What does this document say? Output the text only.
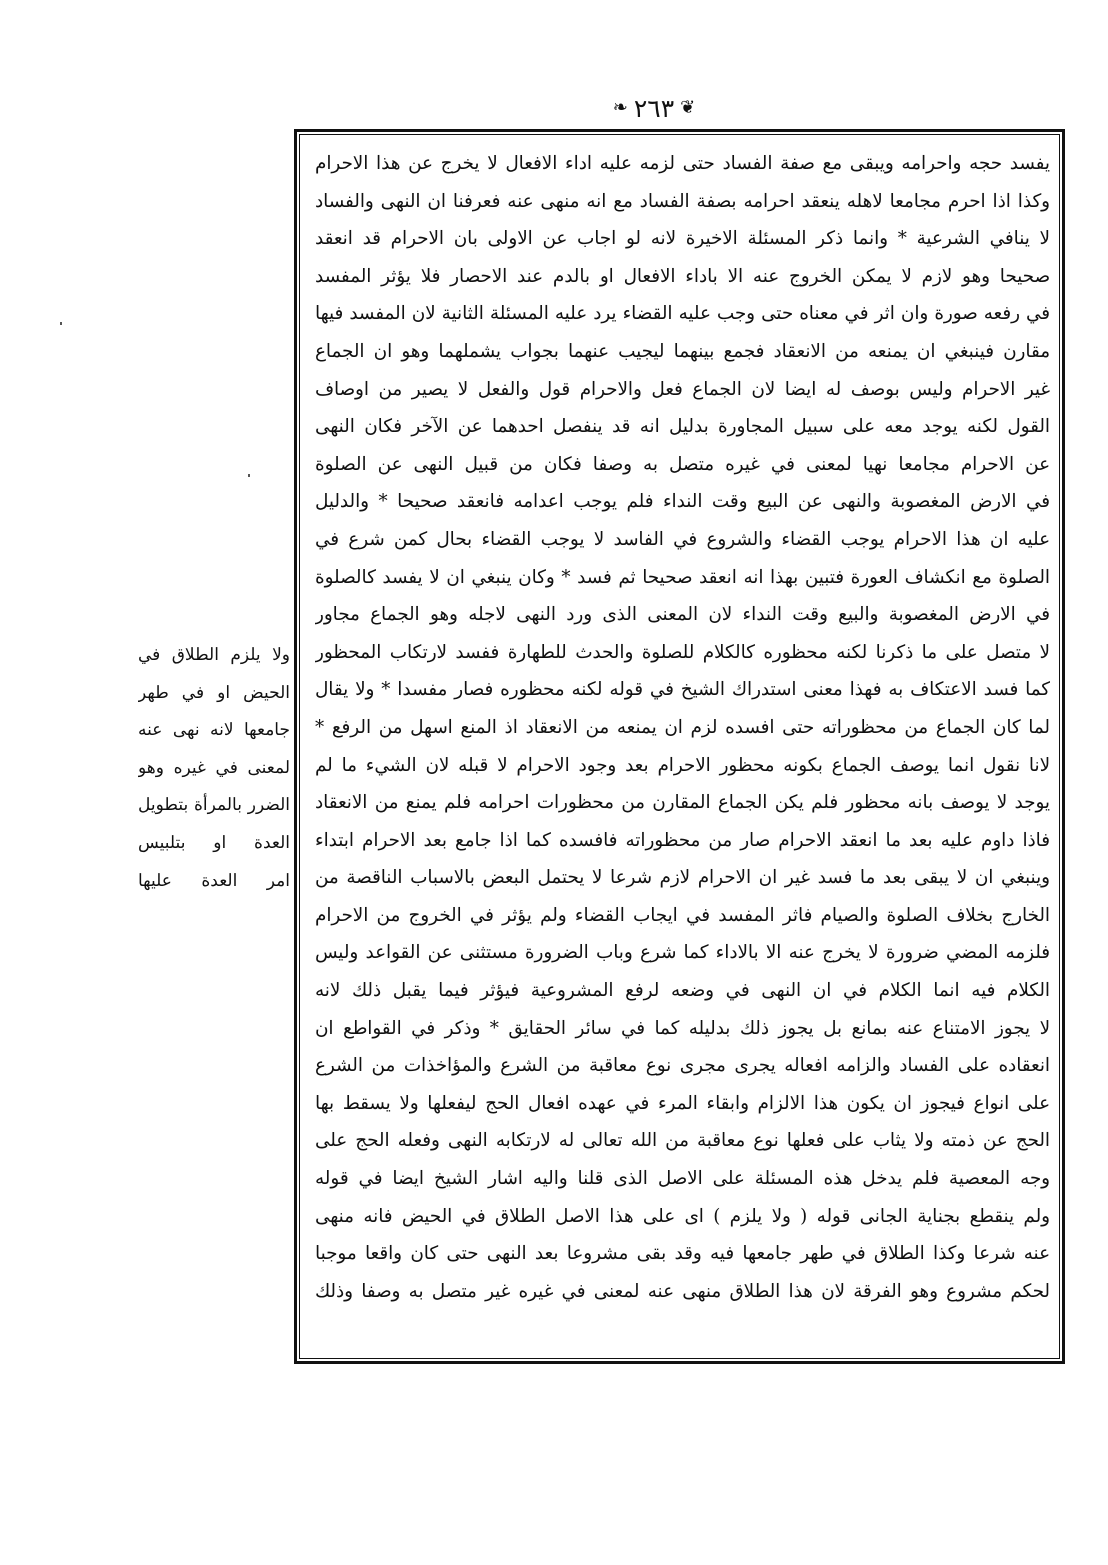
❦
٢٦٣
❧
يفسد حجه واحرامه ويبقى مع صفة الفساد حتى لزمه عليه اداء الافعال لا يخرج عن هذا الاحرام
وكذا اذا احرم مجامعا لاهله ينعقد احرامه بصفة الفساد مع انه منهى عنه فعرفنا ان النهى والفساد
لا ينافي الشرعية * وانما ذكر المسئلة الاخيرة لانه لو اجاب عن الاولى بان الاحرام قد انعقد
صحيحا وهو لازم لا يمكن الخروج عنه الا باداء الافعال او بالدم عند الاحصار فلا يؤثر المفسد
في رفعه صورة وان اثر في معناه حتى وجب عليه القضاء يرد عليه المسئلة الثانية لان المفسد فيها
مقارن فينبغي ان يمنعه من الانعقاد فجمع بينهما ليجيب عنهما بجواب يشملهما وهو ان الجماع
غير الاحرام وليس بوصف له ايضا لان الجماع فعل والاحرام قول والفعل لا يصير من اوصاف
القول لكنه يوجد معه على سبيل المجاورة بدليل انه قد ينفصل احدهما عن الآخر فكان النهى
عن الاحرام مجامعا نهيا لمعنى في غيره متصل به وصفا فكان من قبيل النهى عن الصلوة
في الارض المغصوبة والنهى عن البيع وقت النداء فلم يوجب اعدامه فانعقد صحيحا * والدليل
عليه ان هذا الاحرام يوجب القضاء والشروع في الفاسد لا يوجب القضاء بحال كمن شرع في
الصلوة مع انكشاف العورة فتبين بهذا انه انعقد صحيحا ثم فسد * وكان ينبغي ان لا يفسد كالصلوة
في الارض المغصوبة والبيع وقت النداء لان المعنى الذى ورد النهى لاجله وهو الجماع مجاور
لا متصل على ما ذكرنا لكنه محظوره كالكلام للصلوة والحدث للطهارة ففسد لارتكاب المحظور
كما فسد الاعتكاف به فهذا معنى استدراك الشيخ في قوله لكنه محظوره فصار مفسدا * ولا يقال
لما كان الجماع من محظوراته حتى افسده لزم ان يمنعه من الانعقاد اذ المنع اسهل من الرفع *
لانا نقول انما يوصف الجماع بكونه محظور الاحرام بعد وجود الاحرام لا قبله لان الشيء ما لم
يوجد لا يوصف بانه محظور فلم يكن الجماع المقارن من محظورات احرامه فلم يمنع من الانعقاد
فاذا داوم عليه بعد ما انعقد الاحرام صار من محظوراته فافسده كما اذا جامع بعد الاحرام ابتداء
وينبغي ان لا يبقى بعد ما فسد غير ان الاحرام لازم شرعا لا يحتمل البعض بالاسباب الناقصة من
الخارج بخلاف الصلوة والصيام فاثر المفسد في ايجاب القضاء ولم يؤثر في الخروج من الاحرام
فلزمه المضي ضرورة لا يخرج عنه الا بالاداء كما شرع وباب الضرورة مستثنى عن القواعد وليس
الكلام فيه انما الكلام في ان النهى في وضعه لرفع المشروعية فيؤثر فيما يقبل ذلك لانه
لا يجوز الامتناع عنه بمانع بل يجوز ذلك بدليله كما في سائر الحقايق * وذكر في القواطع ان
انعقاده على الفساد والزامه افعاله يجرى مجرى نوع معاقبة من الشرع والمؤاخذات من الشرع
على انواع فيجوز ان يكون هذا الالزام وابقاء المرء في عهده افعال الحج ليفعلها ولا يسقط بها
الحج عن ذمته ولا يثاب على فعلها نوع معاقبة من الله تعالى له لارتكابه النهى وفعله الحج على
وجه المعصية فلم يدخل هذه المسئلة على الاصل الذى قلنا واليه اشار الشيخ ايضا في قوله
ولم ينقطع بجناية الجانى قوله ( ولا يلزم ) اى على هذا الاصل الطلاق في الحيض فانه منهى
عنه شرعا وكذا الطلاق في طهر جامعها فيه وقد بقى مشروعا بعد النهى حتى كان واقعا موجبا
لحكم مشروع وهو الفرقة لان هذا الطلاق منهى عنه لمعنى في غيره غير متصل به وصفا وذلك
ولا يلزم الطلاق في
الحيض او في طهر
جامعها لانه نهى عنه
لمعنى في غيره وهو
الضرر بالمرأة بتطويل
العدة او بتلبيس
امر العدة عليها
